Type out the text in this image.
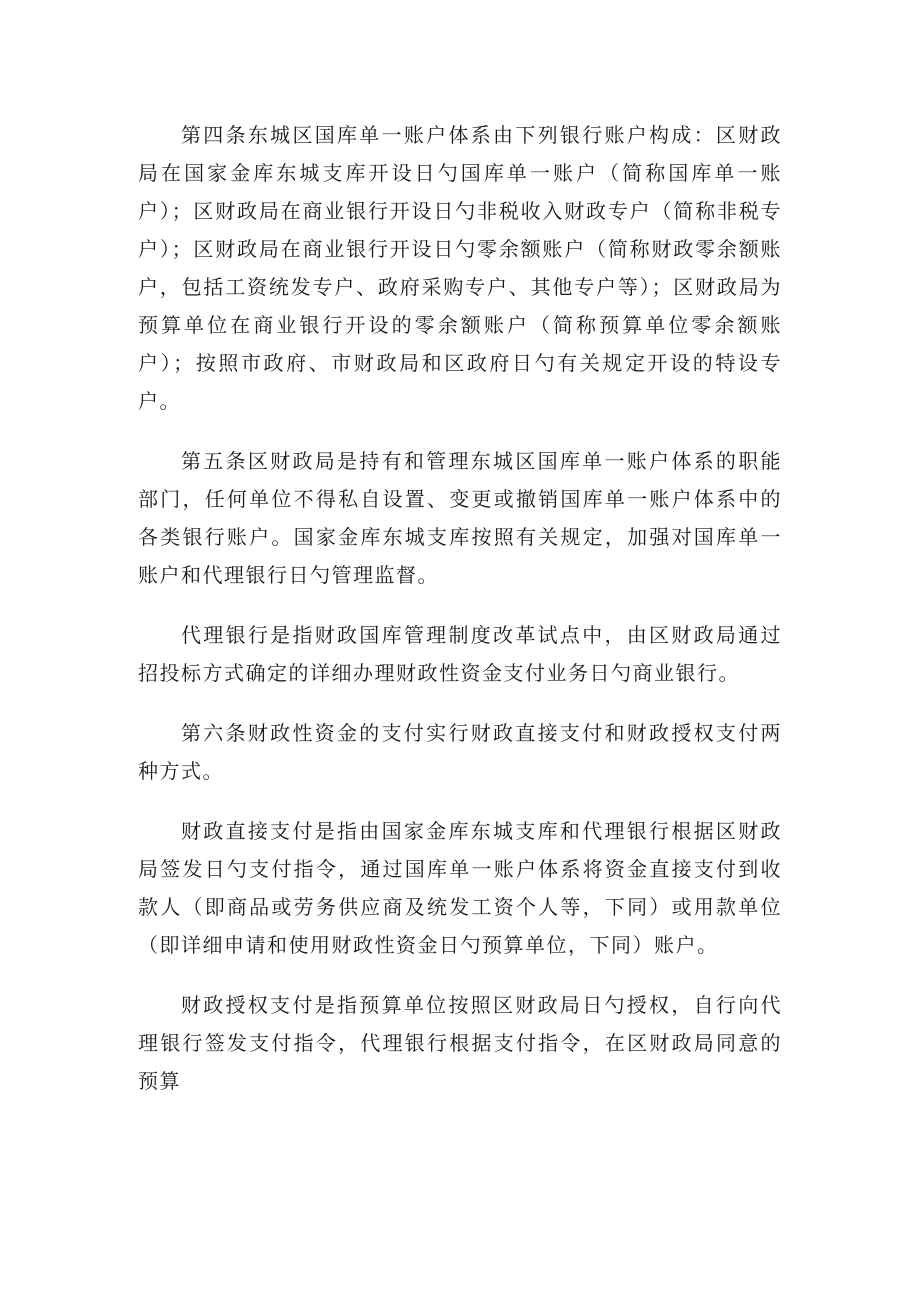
第四条东城区国库单一账户体系由下列银行账户构成：区财政局在国家金库东城支库开设日勺国库单一账户（简称国库单一账户）；区财政局在商业银行开设日勺非税收入财政专户（简称非税专户）；区财政局在商业银行开设日勺零余额账户（简称财政零余额账户，包括工资统发专户、政府采购专户、其他专户等）；区财政局为预算单位在商业银行开设的零余额账户（简称预算单位零余额账户）；按照市政府、市财政局和区政府日勺有关规定开设的特设专户。

第五条区财政局是持有和管理东城区国库单一账户体系的职能部门，任何单位不得私自设置、变更或撤销国库单一账户体系中的各类银行账户。国家金库东城支库按照有关规定，加强对国库单一账户和代理银行日勺管理监督。

代理银行是指财政国库管理制度改革试点中，由区财政局通过招投标方式确定的详细办理财政性资金支付业务日勺商业银行。

第六条财政性资金的支付实行财政直接支付和财政授权支付两种方式。

财政直接支付是指由国家金库东城支库和代理银行根据区财政局签发日勺支付指令，通过国库单一账户体系将资金直接支付到收款人（即商品或劳务供应商及统发工资个人等，下同）或用款单位（即详细申请和使用财政性资金日勺预算单位，下同）账户。

财政授权支付是指预算单位按照区财政局日勺授权，自行向代理银行签发支付指令，代理银行根据支付指令，在区财政局同意的预算
